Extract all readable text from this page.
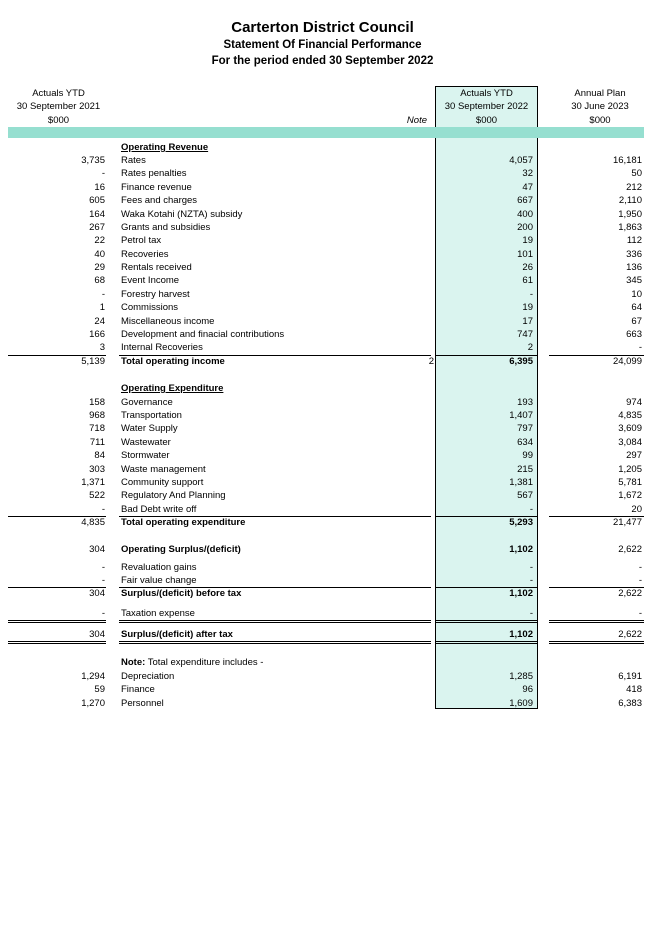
Carterton District Council
Statement Of Financial Performance
For the period ended 30 September 2022
Actuals YTD
30 September 2021
$000	Note
Actuals YTD
30 September 2022
$000
Annual Plan
30 June 2023
$000
Operating Revenue
3,735 Rates	4,057	16,181
- Rates penalties	32	50
16 Finance revenue	47	212
605 Fees and charges	667	2,110
164 Waka Kotahi (NZTA) subsidy	400	1,950
267 Grants and subsidies	200	1,863
22 Petrol tax	19	112
40 Recoveries	101	336
29 Rentals received	26	136
68 Event Income	61	345
- Forestry harvest	-	10
1 Commissions	19	64
24 Miscellaneous income	17	67
166 Development and finacial contributions	747	663
3 Internal Recoveries	2	-
5,139 Total operating income	2	6,395	24,099
Operating Expenditure
158 Governance	193	974
968 Transportation	1,407	4,835
718 Water Supply	797	3,609
711 Wastewater	634	3,084
84 Stormwater	99	297
303 Waste management	215	1,205
1,371 Community support	1,381	5,781
522 Regulatory And Planning	567	1,672
- Bad Debt write off	-	20
4,835 Total operating expenditure	5,293	21,477
304 Operating Surplus/(deficit)	1,102	2,622
- Revaluation gains	-	-
- Fair value change	-	-
304 Surplus/(deficit) before tax	1,102	2,622
- Taxation expense	-	-
304 Surplus/(deficit) after tax	1,102	2,622
Note: Total expenditure includes -
1,294 Depreciation	1,285	6,191
59 Finance	96	418
1,270 Personnel	1,609	6,383
